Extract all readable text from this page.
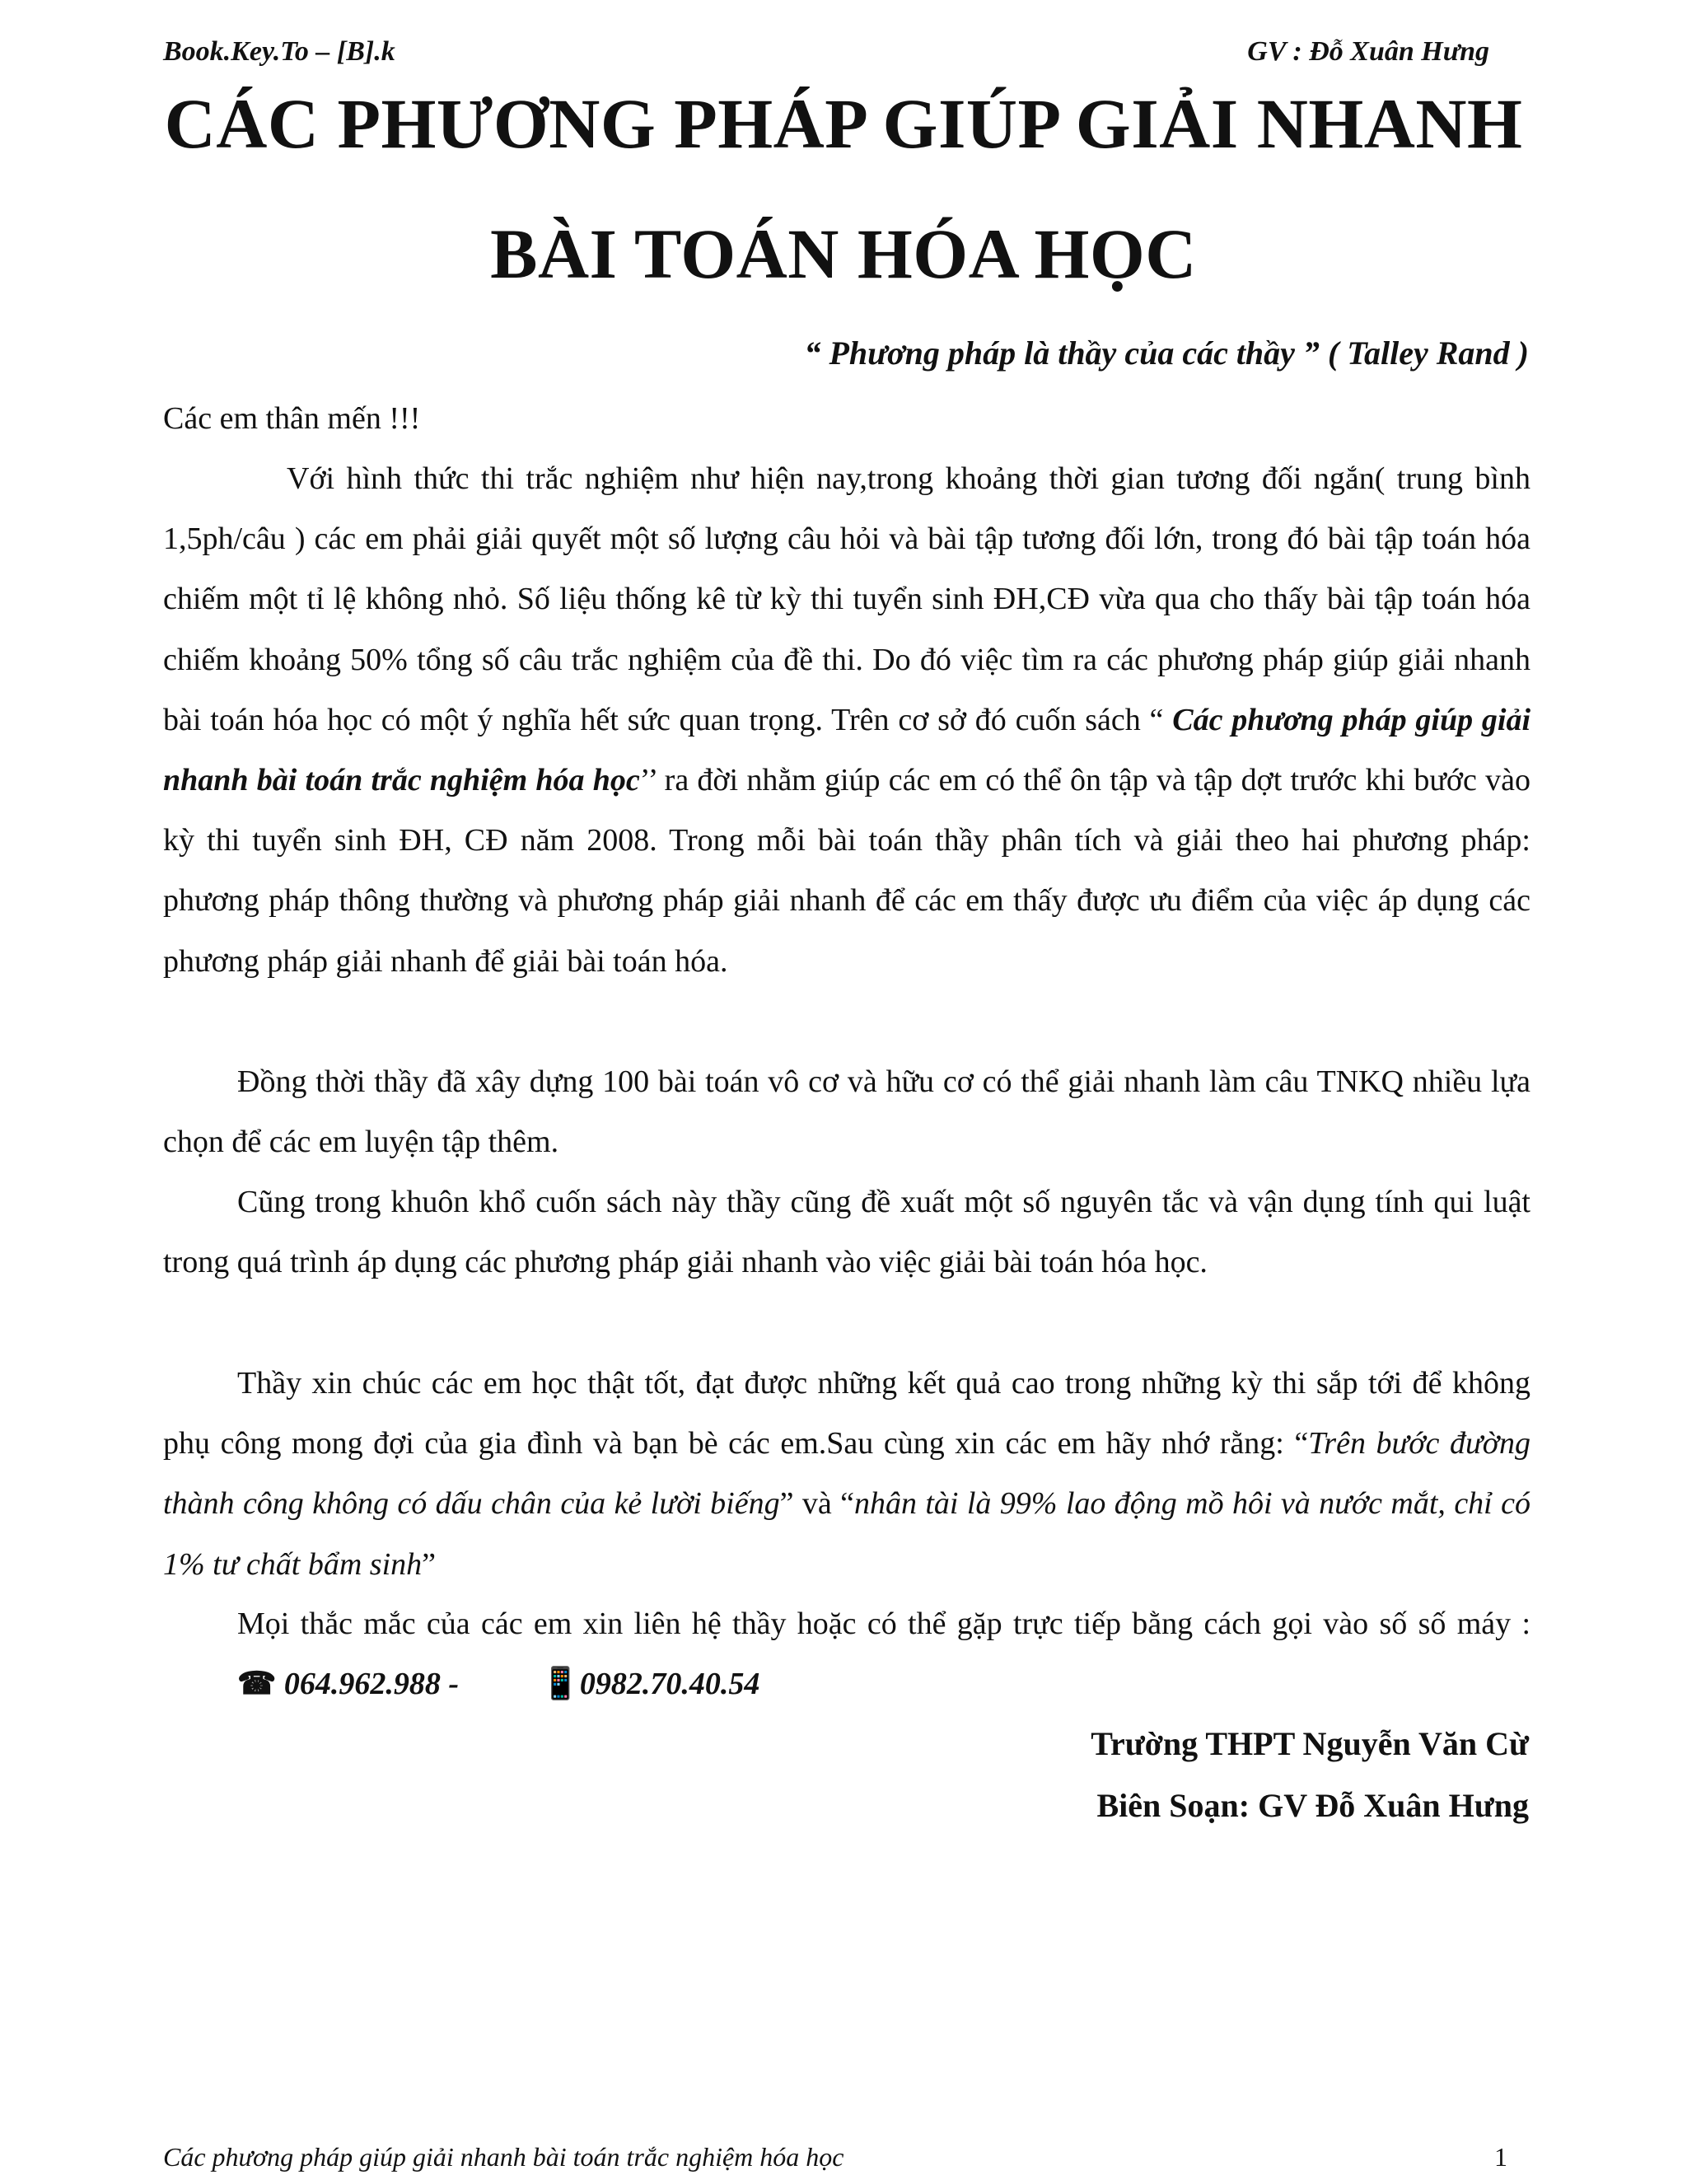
Book.Key.To – [B].k	GV : Đỗ Xuân Hưng
CÁC PHƯƠNG PHÁP GIÚP GIẢI NHANH
BÀI TOÁN HÓA HỌC
“ Phương pháp là thầy của các thầy ” ( Talley Rand )

Các em thân mến !!!

Với hình thức thi trắc nghiệm như hiện nay,trong khoảng thời gian tương đối ngắn( trung bình 1,5ph/câu ) các em phải giải quyết một số lượng câu hỏi và bài tập tương đối lớn, trong đó bài tập toán hóa chiếm một tỉ lệ không nhỏ. Số liệu thống kê từ kỳ thi tuyển sinh ĐH,CĐ vừa qua cho thấy bài tập toán hóa chiếm khoảng 50% tổng số câu trắc nghiệm của đề thi. Do đó việc tìm ra các phương pháp giúp giải nhanh bài toán hóa học có một ý nghĩa hết sức quan trọng. Trên cơ sở đó cuốn sách “ Các phương pháp giúp giải nhanh bài toán trắc nghiệm hóa học’’ ra đời nhằm giúp các em có thể ôn tập và tập dợt trước khi bước vào kỳ thi tuyển sinh ĐH, CĐ năm 2008. Trong mỗi bài toán thầy phân tích và giải theo hai phương pháp: phương pháp thông thường và phương pháp giải nhanh để các em thấy được ưu điểm của việc áp dụng các phương pháp giải nhanh để giải bài toán hóa.

Đồng thời thầy đã xây dựng 100 bài toán vô cơ và hữu cơ có thể giải nhanh làm câu TNKQ nhiều lựa chọn để các em luyện tập thêm.

Cũng trong khuôn khổ cuốn sách này thầy cũng đề xuất một số nguyên tắc và vận dụng tính qui luật trong quá trình áp dụng các phương pháp giải nhanh vào việc giải bài toán hóa học.

Thầy xin chúc các em học thật tốt, đạt được những kết quả cao trong những kỳ thi sắp tới để không phụ công mong đợi của gia đình và bạn bè các em.Sau cùng xin các em hãy nhớ rằng: “Trên bước đường thành công không có dấu chân của kẻ lười biếng” và “nhân tài là 99% lao động mồ hôi và nước mắt, chỉ có 1% tư chất bẩm sinh”

Mọi thắc mắc của các em xin liên hệ thầy hoặc có thể gặp trực tiếp bằng cách gọi vào số số máy : ☎ 064.962.988 - 📱0982.70.40.54

Trường THPT Nguyễn Văn Cừ
Biên Soạn: GV Đỗ Xuân Hưng
Các phương pháp giúp giải nhanh bài toán trắc nghiệm hóa học	1
